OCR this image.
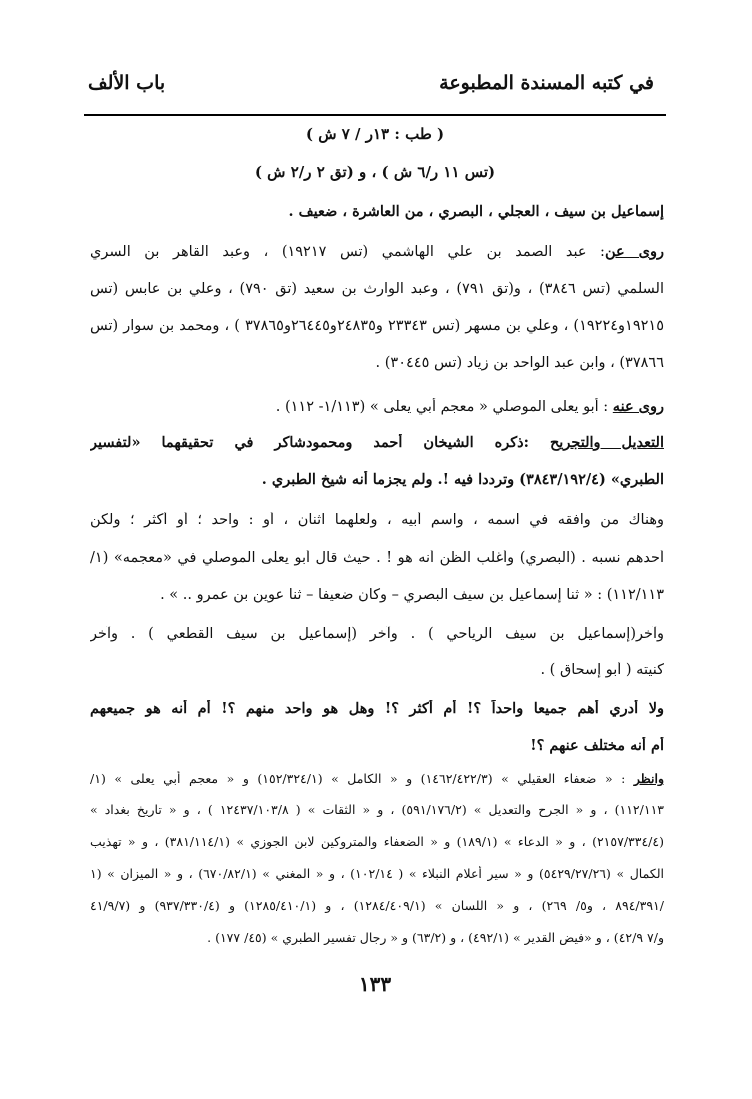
في كتبه المسندة المطبوعة
باب الألف
( طب : ١٣ر / ٧ ش )
(تس ١١ ر/٦ ش ) ، و (تق ٢ ر/٢ ش )
إسماعيل بن سيف ، العجلي ، البصري ، من العاشرة ، ضعيف .
روى عن: عبد الصمد بن علي الهاشمي (تس ١٩٢١٧) ، وعبد القاهر بن السري
السلمي (تس ٣٨٤٦) ، و(تق ٧٩١) ، وعبد الوارث بن سعيد (تق ٧٩٠) ، وعلي بن عابس (تس
١٩٢١٥و١٩٢٢٤) ، وعلي بن مسهر (تس ٢٣٣٤٣ و٢٤٨٣٥و٢٦٤٤٥و٣٧٨٦٥ ) ، ومحمد بن سوار (تس
٣٧٨٦٦) ، وابن عبد الواحد بن زياد (تس ٣٠٤٤٥) .
روى عنه : أبو يعلى الموصلي « معجم أبي يعلى » (١/١١٣- ١١٢) .
التعديل والتجريح :ذكره الشيخان أحمد ومحمودشاكر في تحقيقهما «لتفسير
الطبري» (٣٨٤٣/١٩٢/٤) وترددا فيه !. ولم يجزما أنه شيخ الطبري .
وهناك من وافقه في اسمه ، واسم أبيه ، ولعلهما اثنان ، أو : واحد ؛ أو أكثر ؛ ولكن
أحدهم نسبه . (البصري) وأغلب الظن أنه هو ! . حيث قال أبو يعلى الموصلي في «معجمه» (١/
١١٢/١١٣) : « ثنا إسماعيل بن سيف البصري – وكان ضعيفا – ثنا عوين بن عمرو .. » .
وآخر(إسماعيل بن سيف الرياحي ) . وآخر (إسماعيل بن سيف القطعي ) . وآخر
كنيته ( أبو إسحاق ) .
ولا أدري أهم جميعا واحداً ؟! أم أكثر ؟! وهل هو واحد منهم ؟! أم أنه هو جميعهم
أم أنه مختلف عنهم ؟!
وانظر : « ضعفاء العقيلي » (١٤٦٢/٤٢٢/٣) و « الكامل » (١٥٢/٣٢٤/١) و « معجم أبي يعلى » (١/
١١٢/١١٣) ، و « الجرح والتعديل » (٥٩١/١٧٦/٢) ، و « الثقات » ( ١٢٤٣٧/١٠٣/٨ ) ، و « تاريخ بغداد »
(٢١٥٧/٣٣٤/٤) ، و « الدعاء » (١٨٩/١) و « الضعفاء والمتروكين لابن الجوزي » (٣٨١/١١٤/١) ، و « تهذيب
الكمال » (٥٤٢٩/٢٧/٢٦) و « سير أعلام النبلاء » ( ١٠٢/١٤) ، و « المغني » (٦٧٠/٨٢/١) ، و « الميزان » (١
/٨٩٤/٣٩١ ، و٥/ ٢٦٩) ، و « اللسان » (١٢٨٤/٤٠٩/١) ، و (١٢٨٥/٤١٠/١) و (٩٣٧/٣٣٠/٤) و (٤١/٩/٧
و/٧ ٤٢/٩) ، و «فيض القدير » (٤٩٢/١) ، و (٦٣/٢) و « رجال تفسير الطبري » (٤٥/ ١٧٧) .
١٣٣
